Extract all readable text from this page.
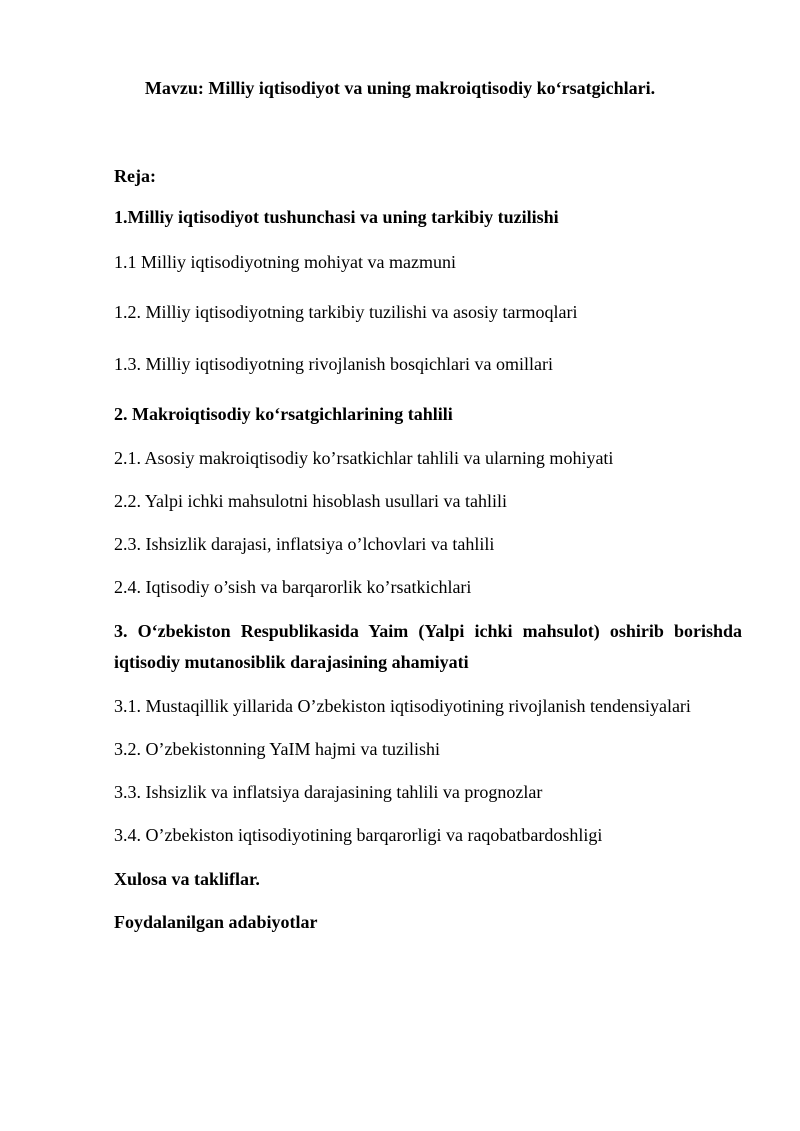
Mavzu: Milliy iqtisodiyot va uning makroiqtisodiy ko‘rsatgichlari.
Reja:
1.Milliy iqtisodiyot tushunchasi va uning tarkibiy tuzilishi
1.1 Milliy iqtisodiyotning mohiyat va mazmuni
1.2. Milliy iqtisodiyotning tarkibiy tuzilishi va asosiy tarmoqlari
1.3. Milliy iqtisodiyotning rivojlanish bosqichlari va omillari
2. Makroiqtisodiy ko‘rsatgichlarining tahlili
2.1. Asosiy makroiqtisodiy ko’rsatkichlar tahlili va ularning mohiyati
2.2. Yalpi ichki mahsulotni hisoblash usullari va tahlili
2.3. Ishsizlik darajasi, inflatsiya o’lchovlari va tahlili
2.4. Iqtisodiy o’sish va barqarorlik ko’rsatkichlari
3. O‘zbekiston Respublikasida Yaim (Yalpi ichki mahsulot) oshirib borishda
iqtisodiy mutanosiblik darajasining ahamiyati
3.1. Mustaqillik yillarida O’zbekiston iqtisodiyotining rivojlanish tendensiyalari
3.2. O’zbekistonning YaIM hajmi va tuzilishi
3.3. Ishsizlik va inflatsiya darajasining tahlili va prognozlar
3.4. O’zbekiston iqtisodiyotining barqarorligi va raqobatbardoshligi
Xulosa va takliflar.
Foydalanilgan adabiyotlar
